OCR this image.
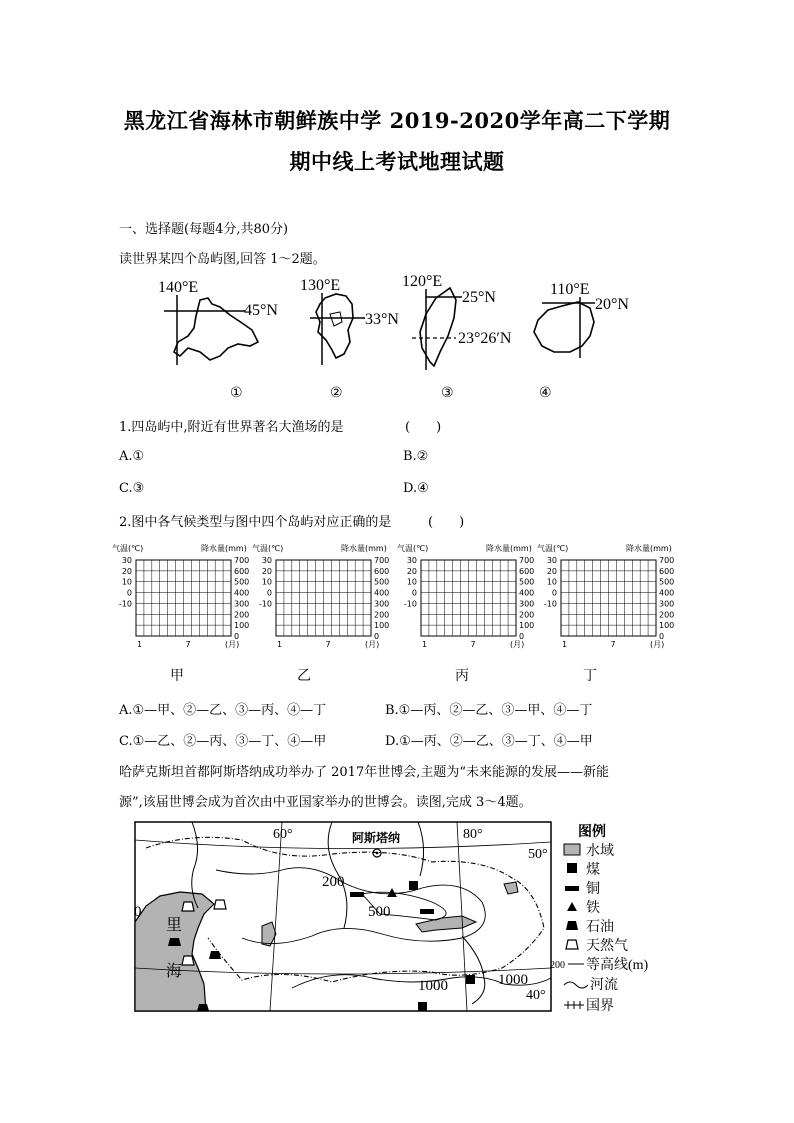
黑龙江省海林市朝鲜族中学 2019-2020学年高二下学期
期中线上考试地理试题
一、选择题(每题4分,共80分)
读世界某四个岛屿图,回答 1～2题。
140°E
45°N
①
130°E
33°N
②
120°E
25°N
23°26′N
③
110°E
20°N
④
1.四岛屿中,附近有世界著名大渔场的是	(　　)
A.①	B.②
C.③	D.④
2.图中各气候类型与图中四个岛屿对应正确的是	(　　)
气温(℃)	降水量(mm)
700
600
500
400
300
200
100
0
30
20
10
0
-10
1	7	(月)
气温(℃)	降水量(mm)
700
600
500
400
300
200
100
0
30
20
10
0
-10
1	7	(月)
气温(℃)	降水量(mm)
700
600
500
400
300
200
100
0
30
20
10
0
-10
1	7	(月)
气温(℃)	降水量(mm)
700
600
500
400
300
200
100
0
30
20
10
0
-10
1	7	(月)
甲	乙	丙	丁
A.①—甲、②—乙、③—丙、④—丁	B.①—丙、②—乙、③—甲、④—丁
C.①—乙、②—丙、③—丁、④—甲	D.①—丙、②—乙、③—丁、④—甲
哈萨克斯坦首都阿斯塔纳成功举办了 2017年世博会,主题为“未来能源的发展——新能
源”,该届世博会成为首次由中亚国家举办的世博会。读图,完成 3～4题。
里
海
60°	80°
50°
40°
阿斯塔纳
200
500
1000	1000
0
图例
水域
煤
铜
铁
石油
天然气
200 等高线(m)
河流
国界
